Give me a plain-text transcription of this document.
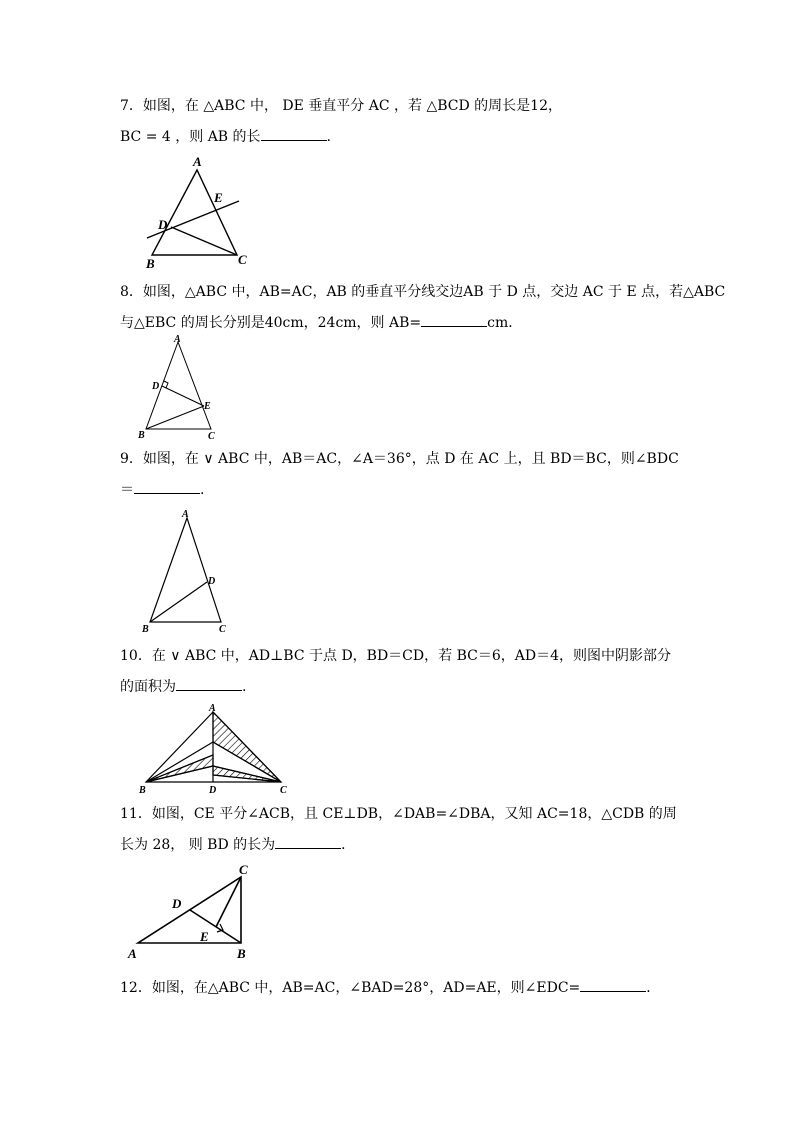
7．如图，在 △ABC 中， DE 垂直平分 AC ，若 △BCD 的周长是12，
BC = 4 ，则 AB 的长	.
A
B	C
D
E
8．如图，△ABC 中，AB=AC，AB 的垂直平分线交边AB 于 D 点，交边 AC 于 E 点，若△ABC
与△EBC 的周长分别是40cm，24cm，则 AB=	cm．
A
B	C
D
E
9．如图，在 ∨ ABC 中，AB＝AC，∠A＝36°，点 D 在 AC 上，且 BD＝BC，则∠BDC
＝	.
A
B	C
D
10．在 ∨ ABC 中，AD⊥BC 于点 D，BD＝CD，若 BC＝6，AD＝4，则图中阴影部分
的面积为	.
A
B	C
D
11．如图，CE 平分∠ACB，且 CE⊥DB，∠DAB=∠DBA，又知 AC=18，△CDB 的周
长为 28， 则 BD 的长为	．
C
D
E
A	B
12．如图，在△ABC 中，AB=AC，∠BAD=28°，AD=AE，则∠EDC=	．
